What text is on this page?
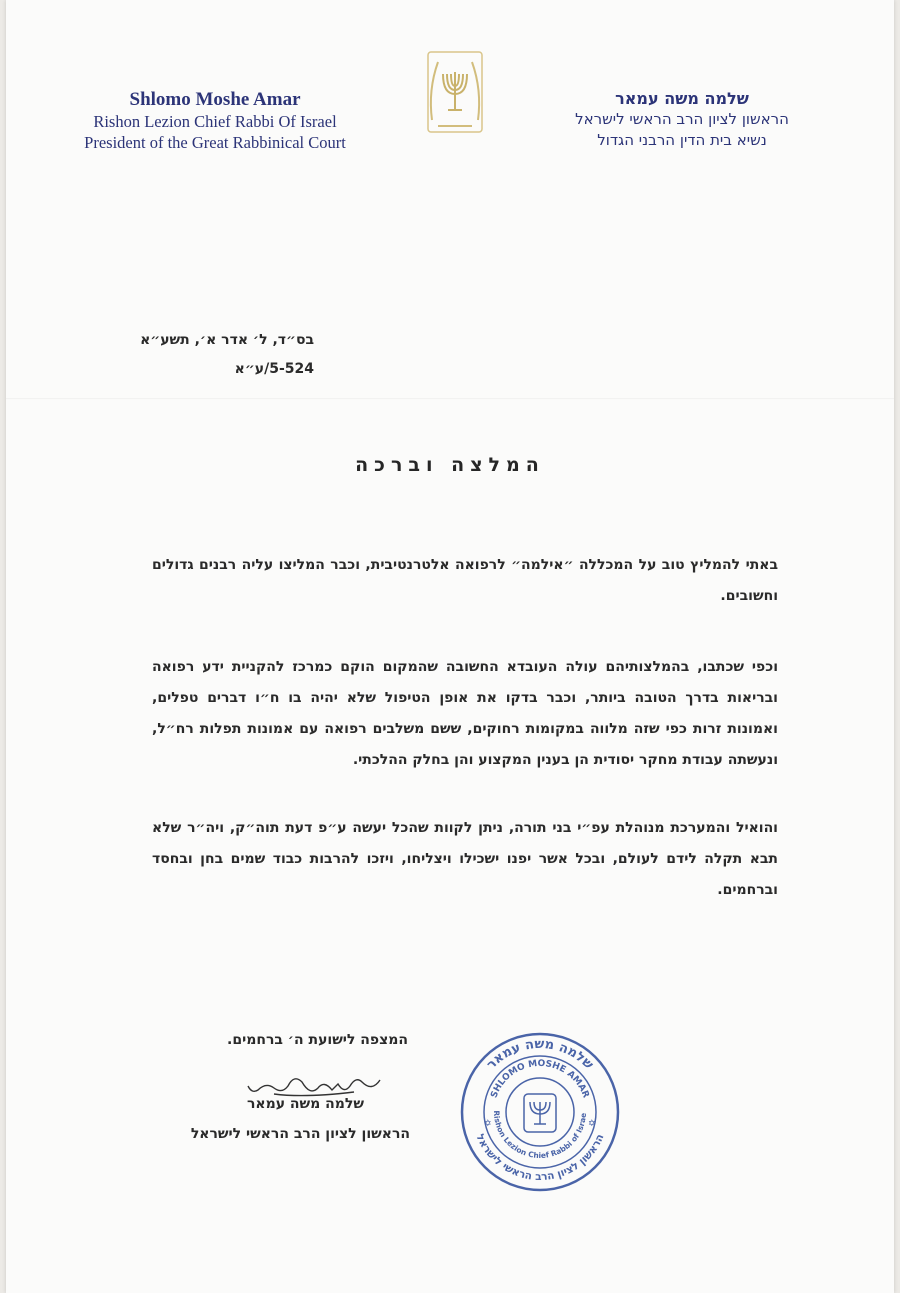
Shlomo Moshe Amar
Rishon Lezion Chief Rabbi Of Israel
President of the Great Rabbinical Court
שלמה משה עמאר
הראשון לציון הרב הראשי לישראל
נשיא בית הדין הרבני הגדול
בס״ד, ל׳ אדר א׳, תשע״א
5-524/ע״א
המלצה וברכה
באתי להמליץ טוב על המכללה ״אילמה״ לרפואה אלטרנטיבית, וכבר המליצו עליה רבנים גדולים וחשובים.
וכפי שכתבו, בהמלצותיהם עולה העובדא החשובה שהמקום הוקם כמרכז להקניית ידע רפואה ובריאות בדרך הטובה ביותר, וכבר בדקו את אופן הטיפול שלא יהיה בו ח״ו דברים טפלים, ואמונות זרות כפי שזה מלווה במקומות רחוקים, ששם משלבים רפואה עם אמונות תפלות רח״ל, ונעשתה עבודת מחקר יסודית הן בענין המקצוע והן בחלק ההלכתי.
והואיל והמערכת מנוהלת עפ״י בני תורה, ניתן לקוות שהכל יעשה ע״פ דעת תוה״ק, ויה״ר שלא תבא תקלה לידם לעולם, ובכל אשר יפנו ישכילו ויצליחו, ויזכו להרבות כבוד שמים בחן ובחסד וברחמים.
המצפה לישועת ה׳ ברחמים.
שלמה משה עמאר
הראשון לציון הרב הראשי לישראל
שלמה משה עמאר
SHLOMO MOSHE AMAR
Rishon Lezion Chief Rabbi of Israe
הראשון לציון הרב הראשי לישראל
✡	✡
